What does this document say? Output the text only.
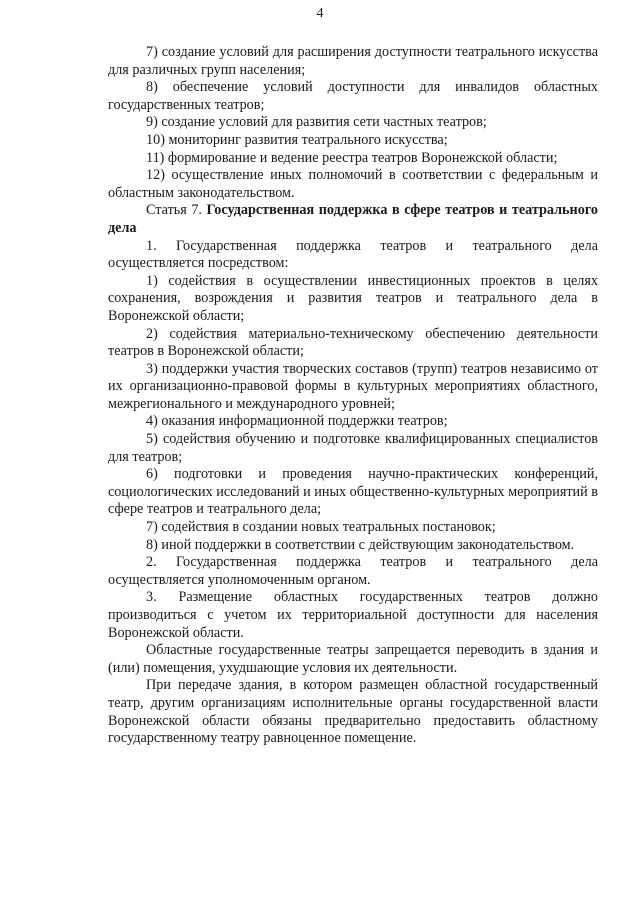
4

7) создание условий для расширения доступности театрального искусства для различных групп населения;

8) обеспечение условий доступности для инвалидов областных государственных театров;

9) создание условий для развития сети частных театров;

10) мониторинг развития театрального искусства;

11) формирование и ведение реестра театров Воронежской области;

12) осуществление иных полномочий в соответствии с федеральным и областным законодательством.

Статья 7. Государственная поддержка в сфере театров и театрального дела

1. Государственная поддержка театров и театрального дела осуществляется посредством:

1) содействия в осуществлении инвестиционных проектов в целях сохранения, возрождения и развития театров и театрального дела в Воронежской области;

2) содействия материально-техническому обеспечению деятельности театров в Воронежской области;

3) поддержки участия творческих составов (трупп) театров независимо от их организационно-правовой формы в культурных мероприятиях областного, межрегионального и международного уровней;

4) оказания информационной поддержки театров;

5) содействия обучению и подготовке квалифицированных специалистов для театров;

6) подготовки и проведения научно-практических конференций, социологических исследований и иных общественно-культурных мероприятий в сфере театров и театрального дела;

7) содействия в создании новых театральных постановок;

8) иной поддержки в соответствии с действующим законодательством.

2. Государственная поддержка театров и театрального дела осуществляется уполномоченным органом.

3. Размещение областных государственных театров должно производиться с учетом их территориальной доступности для населения Воронежской области.

Областные государственные театры запрещается переводить в здания и (или) помещения, ухудшающие условия их деятельности.

При передаче здания, в котором размещен областной государственный театр, другим организациям исполнительные органы государственной власти Воронежской области обязаны предварительно предоставить областному государственному театру равноценное помещение.
